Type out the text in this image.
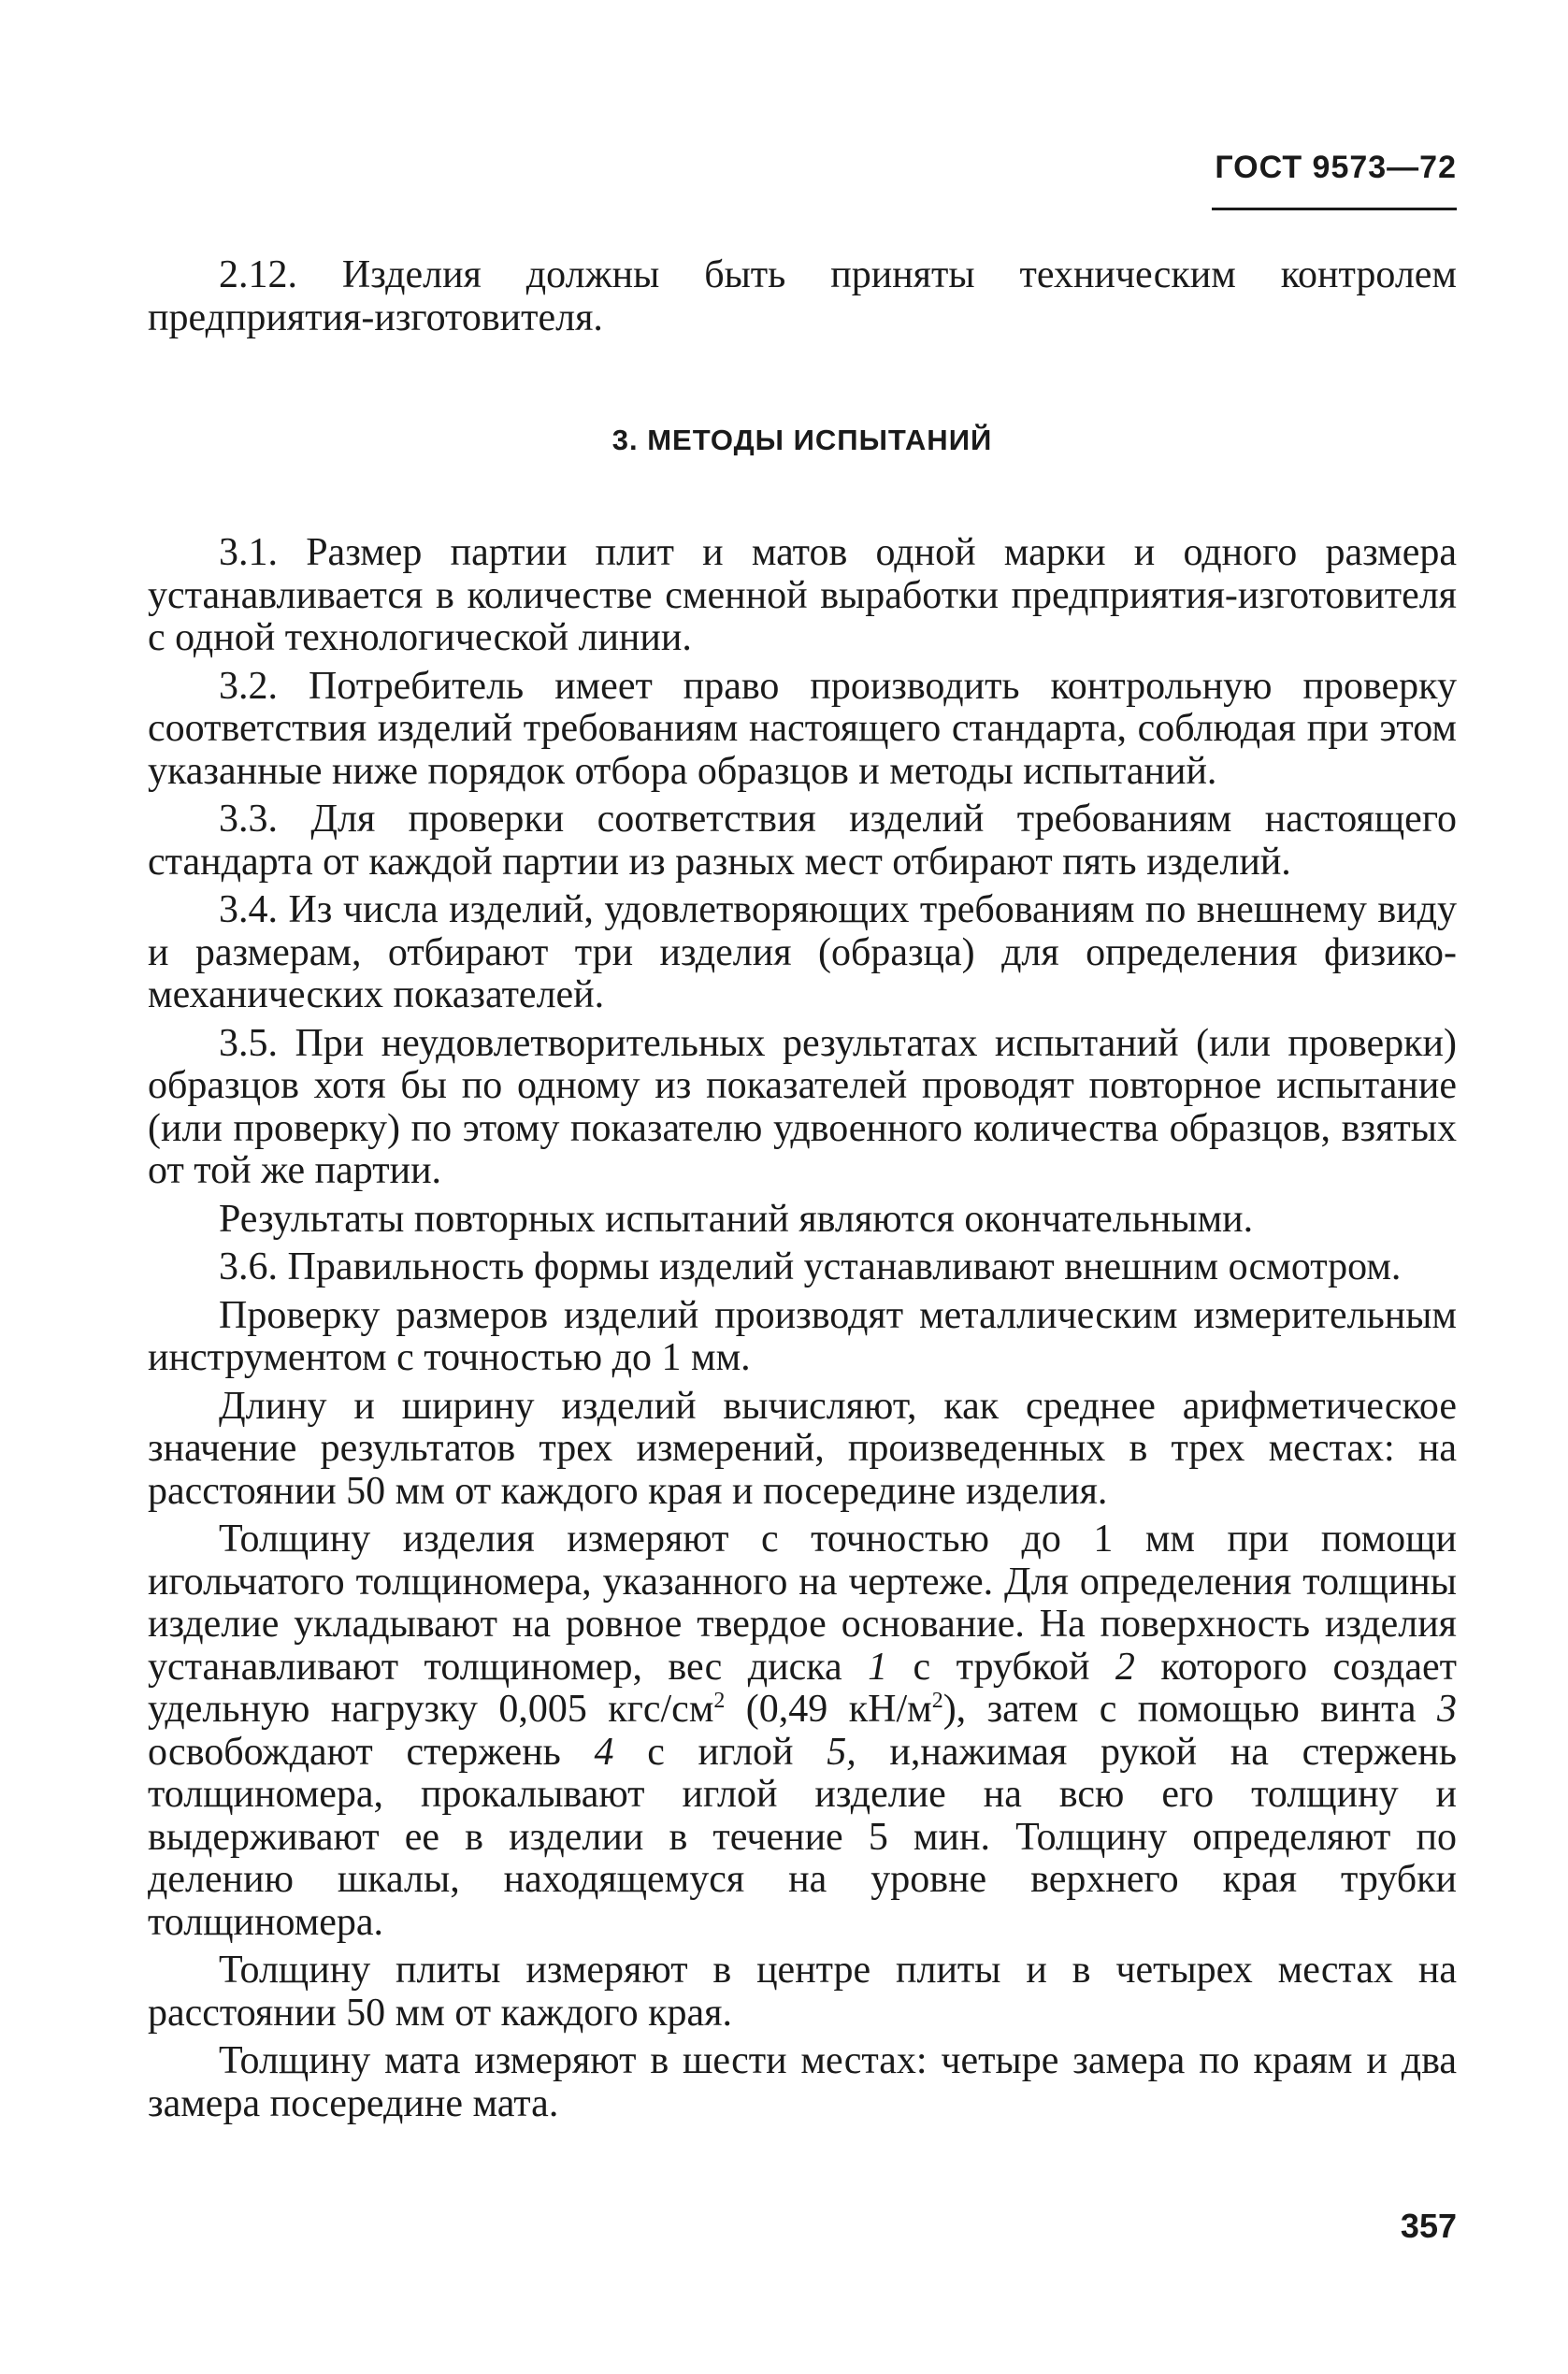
ГОСТ 9573—72

2.12. Изделия должны быть приняты техническим контролем предприятия-изготовителя.

3. МЕТОДЫ ИСПЫТАНИЙ

3.1. Размер партии плит и матов одной марки и одного размера устанавливается в количестве сменной выработки предприятия-изготовителя с одной технологической линии.

3.2. Потребитель имеет право производить контрольную проверку соответствия изделий требованиям настоящего стандарта, соблюдая при этом указанные ниже порядок отбора образцов и методы испытаний.

3.3. Для проверки соответствия изделий требованиям настоящего стандарта от каждой партии из разных мест отбирают пять изделий.

3.4. Из числа изделий, удовлетворяющих требованиям по внешнему виду и размерам, отбирают три изделия (образца) для определения физико-механических показателей.

3.5. При неудовлетворительных результатах испытаний (или проверки) образцов хотя бы по одному из показателей проводят повторное испытание (или проверку) по этому показателю удвоенного количества образцов, взятых от той же партии.

Результаты повторных испытаний являются окончательными.

3.6. Правильность формы изделий устанавливают внешним осмотром.

Проверку размеров изделий производят металлическим измерительным инструментом с точностью до 1 мм.

Длину и ширину изделий вычисляют, как среднее арифметическое значение результатов трех измерений, произведенных в трех местах: на расстоянии 50 мм от каждого края и посередине изделия.

Толщину изделия измеряют с точностью до 1 мм при помощи игольчатого толщиномера, указанного на чертеже. Для определения толщины изделие укладывают на ровное твердое основание. На поверхность изделия устанавливают толщиномер, вес диска 1 с трубкой 2 которого создает удельную нагрузку 0,005 кгс/$см^2$ (0,49 $кН/м^2$), затем с помощью винта 3 освобождают стержень 4 с иглой 5, и,нажимая рукой на стержень толщиномера, прокалывают иглой изделие на всю его толщину и выдерживают ее в изделии в течение 5 мин. Толщину определяют по делению шкалы, находящемуся на уровне верхнего края трубки толщиномера.

Толщину плиты измеряют в центре плиты и в четырех местах на расстоянии 50 мм от каждого края.

Толщину мата измеряют в шести местах: четыре замера по краям и два замера посередине мата.

357
